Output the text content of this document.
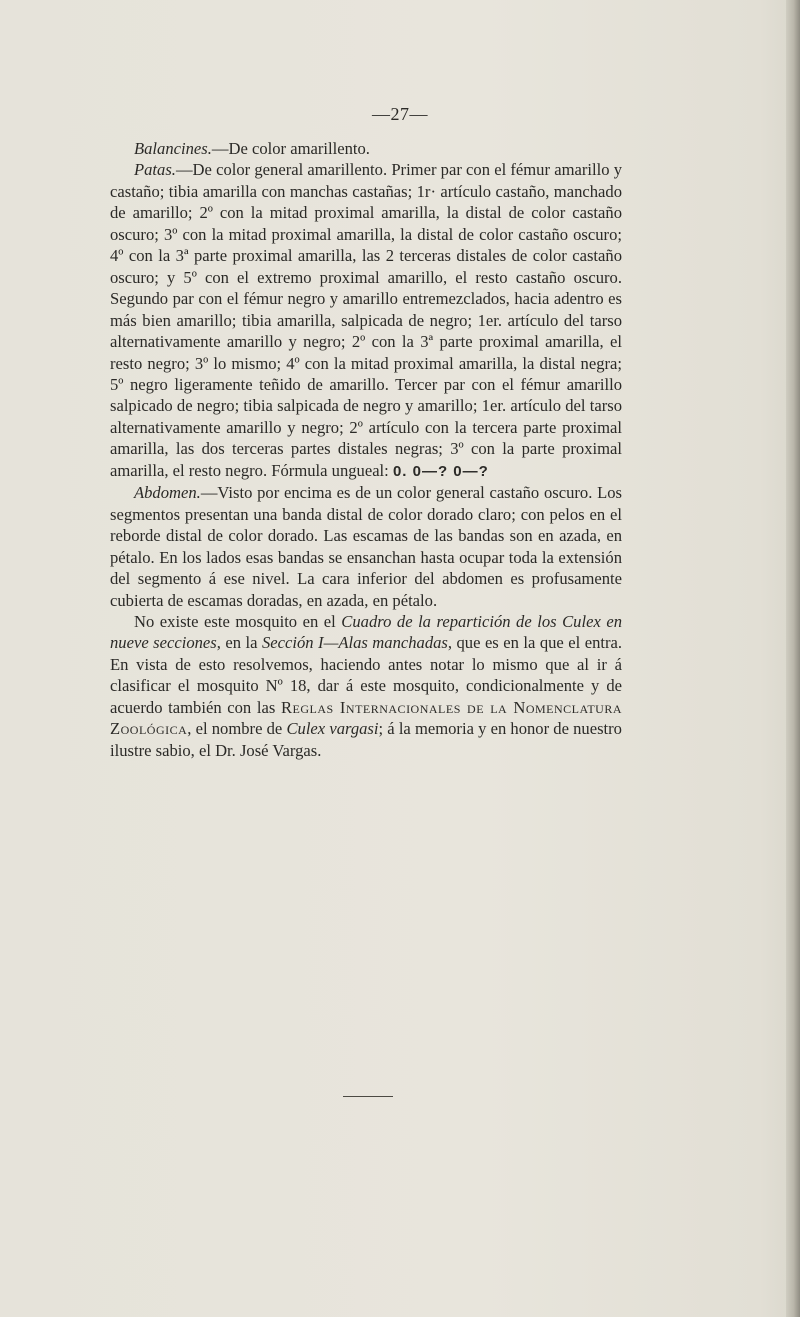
—27—

Balancines.—De color amarillento.

Patas.—De color general amarillento. Primer par con el fémur amarillo y castaño; tibia amarilla con manchas castañas; 1r· artículo castaño, manchado de amarillo; 2º con la mitad proximal amarilla, la distal de color castaño oscuro; 3º con la mitad proximal amarilla, la distal de color castaño oscuro; 4º con la 3ª parte proximal amarilla, las 2 terceras distales de color castaño oscuro; y 5º con el extremo proximal amarillo, el resto castaño oscuro. Segundo par con el fémur negro y amarillo entremezclados, hacia adentro es más bien amarillo; tibia amarilla, salpicada de negro; 1er. artículo del tarso alternativamente amarillo y negro; 2º con la 3ª parte proximal amarilla, el resto negro; 3º lo mismo; 4º con la mitad proximal amarilla, la distal negra; 5º negro ligeramente teñido de amarillo. Tercer par con el fémur amarillo salpicado de negro; tibia salpicada de negro y amarillo; 1er. artículo del tarso alternativamente amarillo y negro; 2º artículo con la tercera parte proximal amarilla, las dos terceras partes distales negras; 3º con la parte proximal amarilla, el resto negro. Fórmula ungueal: 0. 0—? 0—?

Abdomen.—Visto por encima es de un color general castaño oscuro. Los segmentos presentan una banda distal de color dorado claro; con pelos en el reborde distal de color dorado. Las escamas de las bandas son en azada, en pétalo. En los lados esas bandas se ensanchan hasta ocupar toda la extensión del segmento á ese nivel. La cara inferior del abdomen es profusamente cubierta de escamas doradas, en azada, en pétalo.

No existe este mosquito en el Cuadro de la repartición de los Culex en nueve secciones, en la Sección I—Alas manchadas, que es en la que el entra. En vista de esto resolvemos, haciendo antes notar lo mismo que al ir á clasificar el mosquito Nº 18, dar á este mosquito, condicionalmente y de acuerdo también con las Reglas Internacionales de la Nomenclatura Zoológica, el nombre de Culex vargasi; á la memoria y en honor de nuestro ilustre sabio, el Dr. José Vargas.
